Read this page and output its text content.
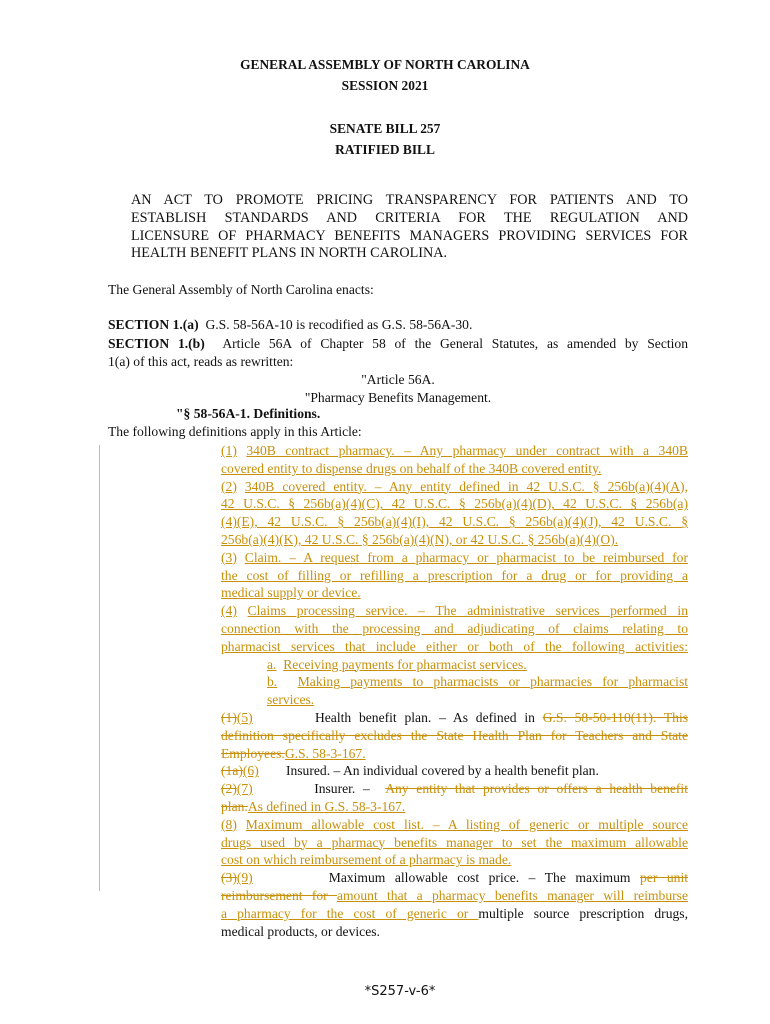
GENERAL ASSEMBLY OF NORTH CAROLINA
SESSION 2021
SENATE BILL 257
RATIFIED BILL
AN ACT TO PROMOTE PRICING TRANSPARENCY FOR PATIENTS AND TO
ESTABLISH STANDARDS AND CRITERIA FOR THE REGULATION AND
LICENSURE OF PHARMACY BENEFITS MANAGERS PROVIDING SERVICES FOR
HEALTH BENEFIT PLANS IN NORTH CAROLINA.
The General Assembly of North Carolina enacts:
SECTION 1.(a) G.S. 58-56A-10 is recodified as G.S. 58-56A-30.
SECTION 1.(b) Article 56A of Chapter 58 of the General Statutes, as amended by Section
1(a) of this act, reads as rewritten:
"Article 56A.
"Pharmacy Benefits Management.
"§ 58-56A-1. Definitions.
The following definitions apply in this Article:
(1) 340B contract pharmacy. – Any pharmacy under contract with a 340B
covered entity to dispense drugs on behalf of the 340B covered entity.
(2) 340B covered entity. – Any entity defined in 42 U.S.C. § 256b(a)(4)(A),
42 U.S.C. § 256b(a)(4)(C), 42 U.S.C. § 256b(a)(4)(D), 42 U.S.C. § 256b(a)
(4)(E), 42 U.S.C. § 256b(a)(4)(I), 42 U.S.C. § 256b(a)(4)(J), 42 U.S.C. §
256b(a)(4)(K), 42 U.S.C. § 256b(a)(4)(N), or 42 U.S.C. § 256b(a)(4)(O).
(3) Claim. – A request from a pharmacy or pharmacist to be reimbursed for
the cost of filling or refilling a prescription for a drug or for providing a
medical supply or device.
(4) Claims processing service. – The administrative services performed in
connection with the processing and adjudicating of claims relating to
pharmacist services that include either or both of the following activities:
a. Receiving payments for pharmacist services.
b. Making payments to pharmacists or pharmacies for pharmacist
services.
(1)(5)	Health benefit plan. – As defined in G.S. 58-50-110(11). This
definition specifically excludes the State Health Plan for Teachers and State
Employees.G.S. 58-3-167.
(1a)(6) Insured. – An individual covered by a health benefit plan.
(2)(7)	Insurer. –  Any entity that provides or offers a health benefit
plan.As defined in G.S. 58-3-167.
(8) Maximum allowable cost list. – A listing of generic or multiple source
drugs used by a pharmacy benefits manager to set the maximum allowable
cost on which reimbursement of a pharmacy is made.
(3)(9)	Maximum allowable cost price. – The maximum per unit
reimbursement for amount that a pharmacy benefits manager will reimburse
a pharmacy for the cost of generic or multiple source prescription drugs,
medical products, or devices.
*S257-v-6*
